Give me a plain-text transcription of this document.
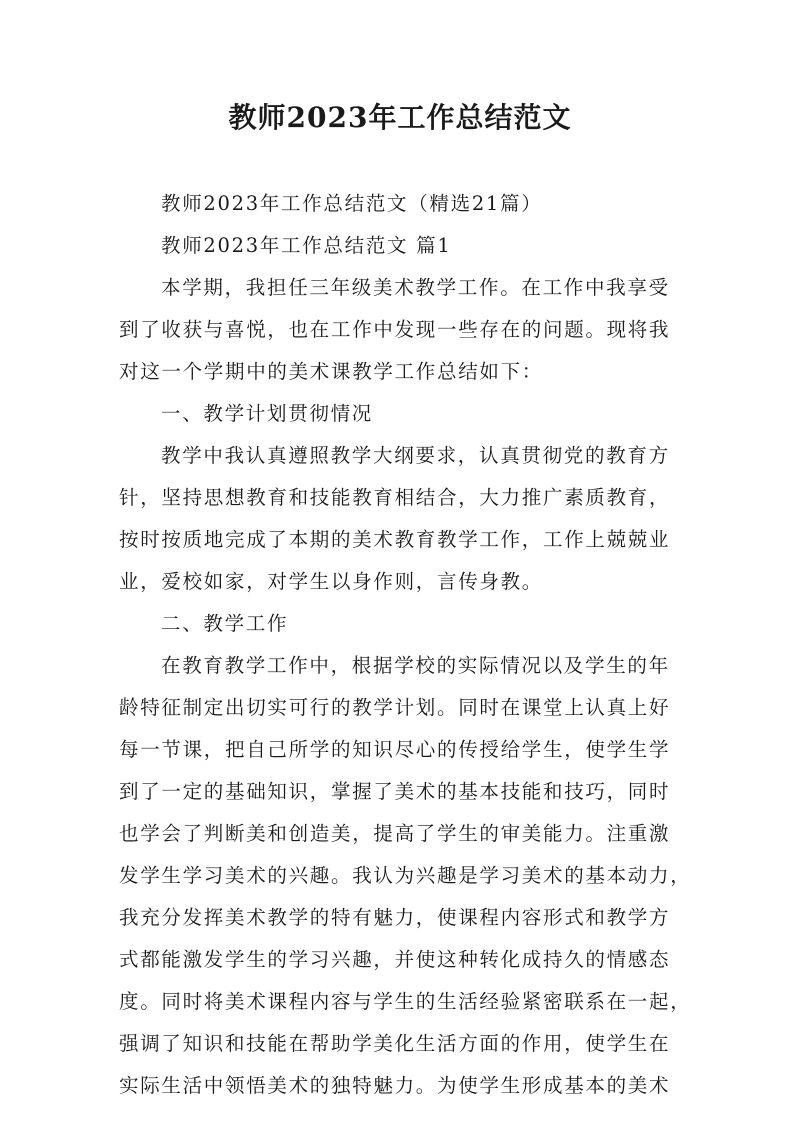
教师2023年工作总结范文
教师2023年工作总结范文（精选21篇）
教师2023年工作总结范文 篇1
本学期，我担任三年级美术教学工作。在工作中我享受
到了收获与喜悦，也在工作中发现一些存在的问题。现将我
对这一个学期中的美术课教学工作总结如下：
一、教学计划贯彻情况
教学中我认真遵照教学大纲要求，认真贯彻党的教育方
针，坚持思想教育和技能教育相结合，大力推广素质教育，
按时按质地完成了本期的美术教育教学工作，工作上兢兢业
业，爱校如家，对学生以身作则，言传身教。
二、教学工作
在教育教学工作中，根据学校的实际情况以及学生的年
龄特征制定出切实可行的教学计划。同时在课堂上认真上好
每一节课，把自己所学的知识尽心的传授给学生，使学生学
到了一定的基础知识，掌握了美术的基本技能和技巧，同时
也学会了判断美和创造美，提高了学生的审美能力。注重激
发学生学习美术的兴趣。我认为兴趣是学习美术的基本动力，
我充分发挥美术教学的特有魅力，使课程内容形式和教学方
式都能激发学生的学习兴趣，并使这种转化成持久的情感态
度。同时将美术课程内容与学生的生活经验紧密联系在一起，
强调了知识和技能在帮助学美化生活方面的作用，使学生在
实际生活中领悟美术的独特魅力。为使学生形成基本的美术
